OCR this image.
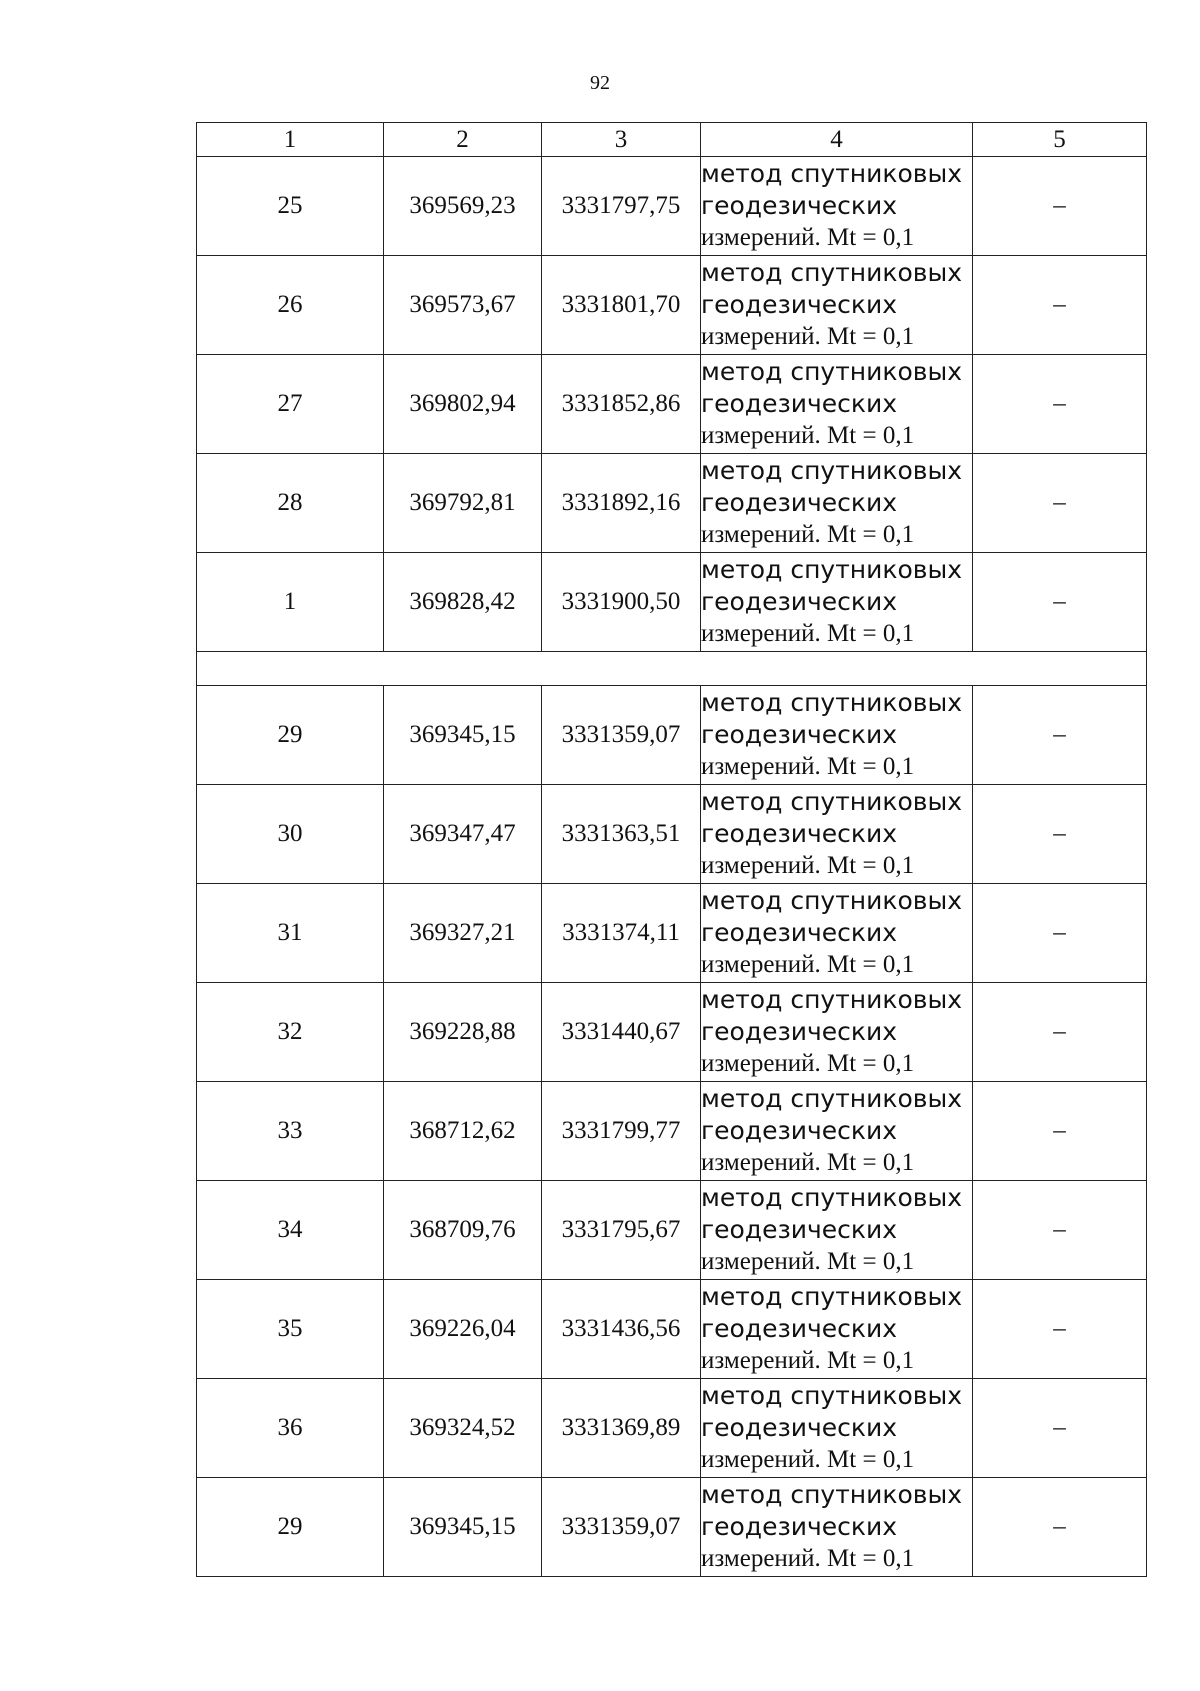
92
1	2	3	4	5
25	369569,23	3331797,75	метод спутниковых
геодезических
измерений. Mt = 0,1	–
26	369573,67	3331801,70	метод спутниковых
геодезических
измерений. Mt = 0,1	–
27	369802,94	3331852,86	метод спутниковых
геодезических
измерений. Mt = 0,1	–
28	369792,81	3331892,16	метод спутниковых
геодезических
измерений. Mt = 0,1	–
1	369828,42	3331900,50	метод спутниковых
геодезических
измерений. Mt = 0,1	–

29	369345,15	3331359,07	метод спутниковых
геодезических
измерений. Mt = 0,1	–
30	369347,47	3331363,51	метод спутниковых
геодезических
измерений. Mt = 0,1	–
31	369327,21	3331374,11	метод спутниковых
геодезических
измерений. Mt = 0,1	–
32	369228,88	3331440,67	метод спутниковых
геодезических
измерений. Mt = 0,1	–
33	368712,62	3331799,77	метод спутниковых
геодезических
измерений. Mt = 0,1	–
34	368709,76	3331795,67	метод спутниковых
геодезических
измерений. Mt = 0,1	–
35	369226,04	3331436,56	метод спутниковых
геодезических
измерений. Mt = 0,1	–
36	369324,52	3331369,89	метод спутниковых
геодезических
измерений. Mt = 0,1	–
29	369345,15	3331359,07	метод спутниковых
геодезических
измерений. Mt = 0,1	–
